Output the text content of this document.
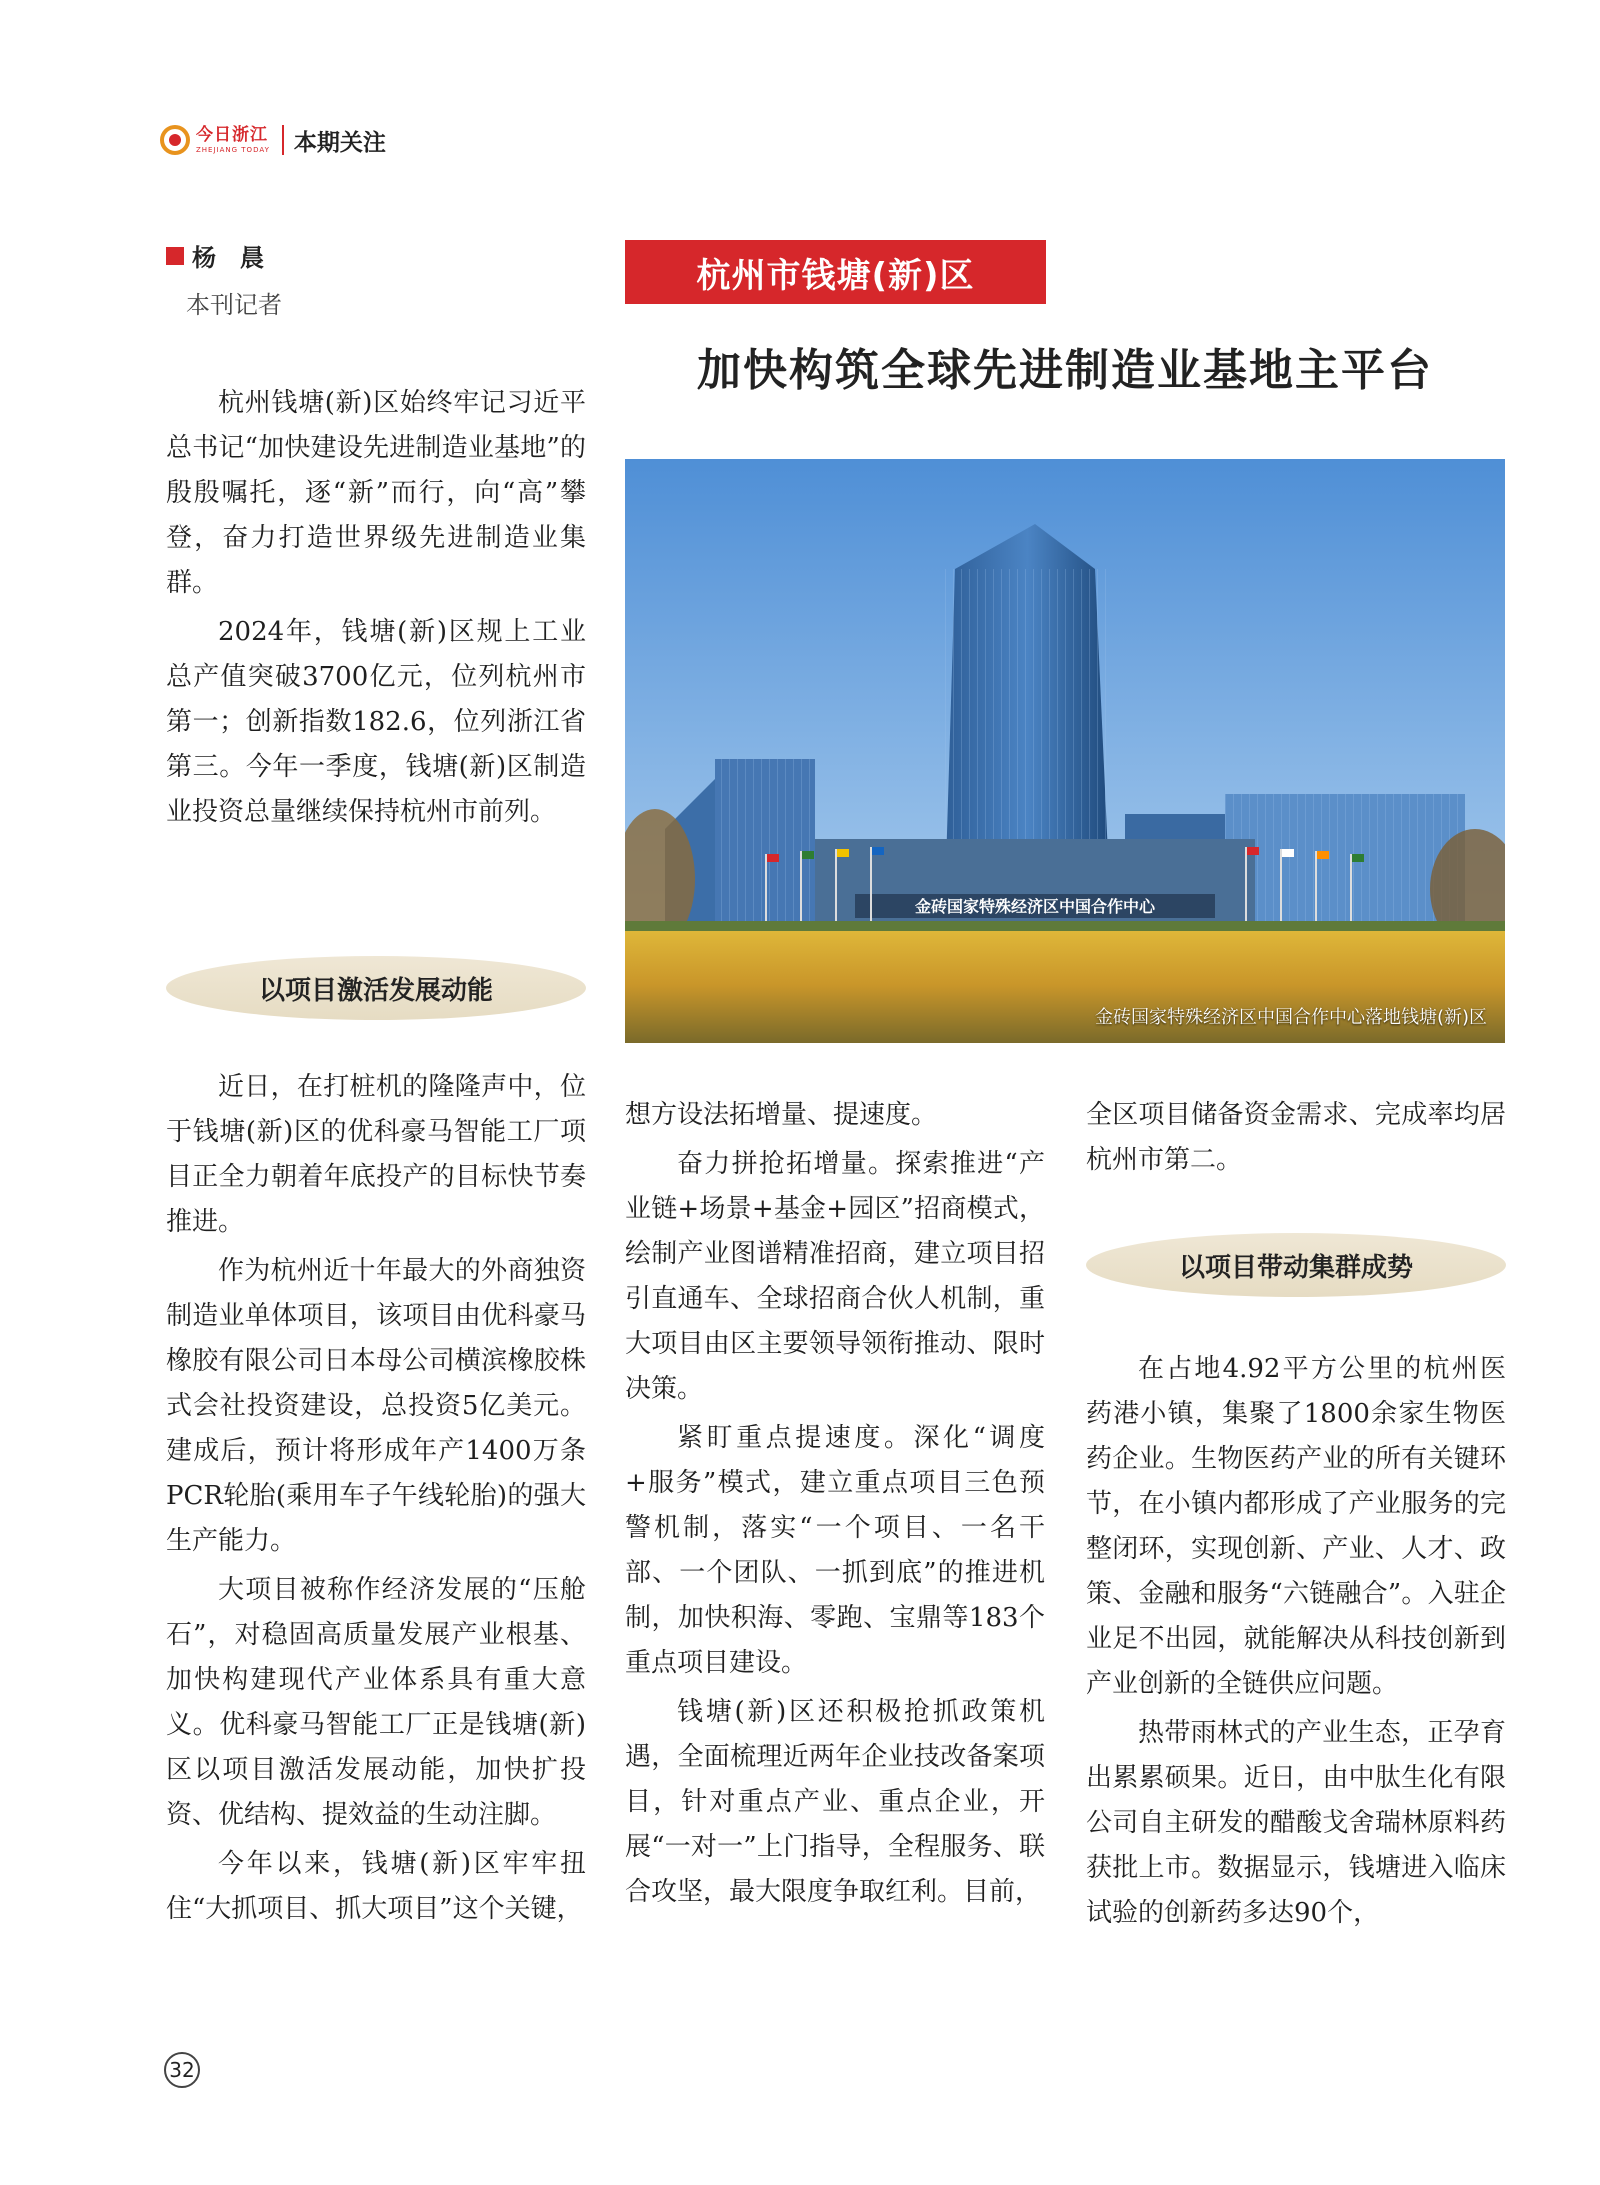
今日浙江
ZHEJIANG TODAY 本期关注
杨　晨
本刊记者
杭州市钱塘(新)区
加快构筑全球先进制造业基地主平台
金砖国家特殊经济区中国合作中心
金砖国家特殊经济区中国合作中心落地钱塘(新)区

杭州钱塘(新)区始终牢记习近平总书记“加快建设先进制造业基地”的殷殷嘱托，逐“新”而行，向“高”攀登，奋力打造世界级先进制造业集群。

2024年，钱塘(新)区规上工业总产值突破3700亿元，位列杭州市第一；创新指数182.6，位列浙江省第三。今年一季度，钱塘(新)区制造业投资总量继续保持杭州市前列。

以项目激活发展动能

近日，在打桩机的隆隆声中，位于钱塘(新)区的优科豪马智能工厂项目正全力朝着年底投产的目标快节奏推进。

作为杭州近十年最大的外商独资制造业单体项目，该项目由优科豪马橡胶有限公司日本母公司横滨橡胶株式会社投资建设，总投资5亿美元。建成后，预计将形成年产1400万条PCR轮胎(乘用车子午线轮胎)的强大生产能力。

大项目被称作经济发展的“压舱石”，对稳固高质量发展产业根基、加快构建现代产业体系具有重大意义。优科豪马智能工厂正是钱塘(新)区以项目激活发展动能，加快扩投资、优结构、提效益的生动注脚。

今年以来，钱塘(新)区牢牢扭住“大抓项目、抓大项目”这个关键，

想方设法拓增量、提速度。

奋力拼抢拓增量。探索推进“产业链+场景+基金+园区”招商模式，绘制产业图谱精准招商，建立项目招引直通车、全球招商合伙人机制，重大项目由区主要领导领衔推动、限时决策。

紧盯重点提速度。深化“调度+服务”模式，建立重点项目三色预警机制，落实“一个项目、一名干部、一个团队、一抓到底”的推进机制，加快积海、零跑、宝鼎等183个重点项目建设。

钱塘(新)区还积极抢抓政策机遇，全面梳理近两年企业技改备案项目，针对重点产业、重点企业，开展“一对一”上门指导，全程服务、联合攻坚，最大限度争取红利。目前，

全区项目储备资金需求、完成率均居杭州市第二。

以项目带动集群成势

在占地4.92平方公里的杭州医药港小镇，集聚了1800余家生物医药企业。生物医药产业的所有关键环节，在小镇内都形成了产业服务的完整闭环，实现创新、产业、人才、政策、金融和服务“六链融合”。入驻企业足不出园，就能解决从科技创新到产业创新的全链供应问题。

热带雨林式的产业生态，正孕育出累累硕果。近日，由中肽生化有限公司自主研发的醋酸戈舍瑞林原料药获批上市。数据显示，钱塘进入临床试验的创新药多达90个，

32
